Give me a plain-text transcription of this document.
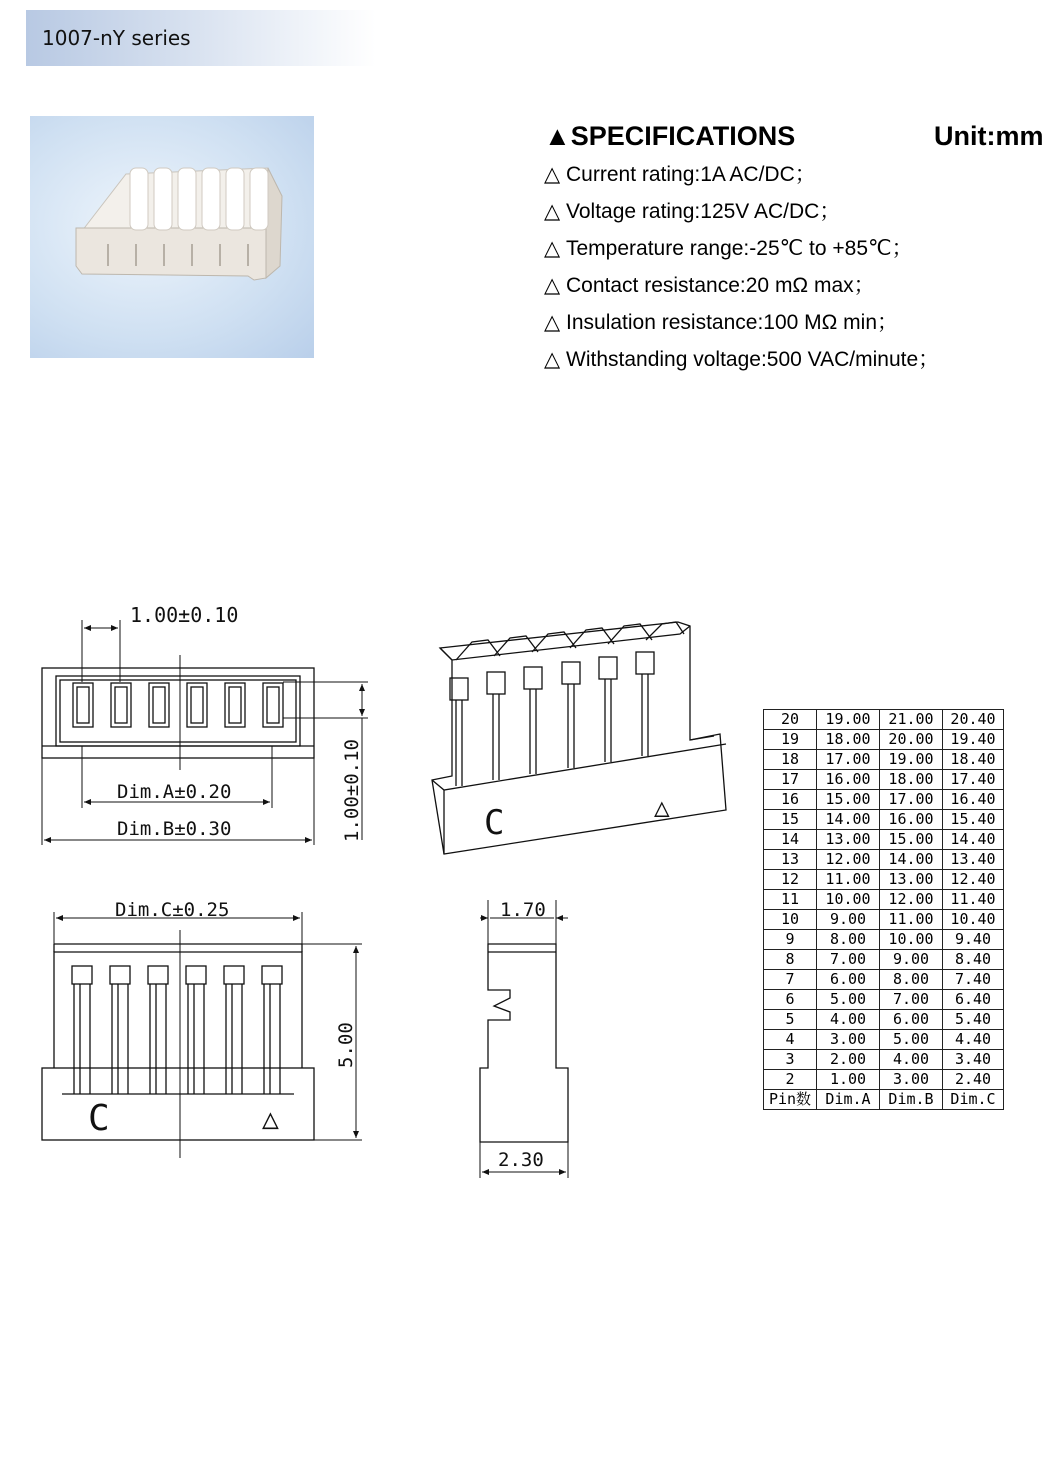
1007-nY series
▲SPECIFICATIONS	Unit:mm
△ Current rating:1A AC/DC；
△ Voltage rating:125V AC/DC；
△ Temperature range:-25℃ to +85℃；
△ Contact resistance:20 mΩ max；
△ Insulation resistance:100 MΩ min；
△ Withstanding voltage:500 VAC/minute；
1.00±0.10
Dim.A±0.20
Dim.B±0.30	1.00±0.10	C	△
Dim.C±0.25
5.00
C	△
1.70
2.30
20	19.00	21.00	20.40
19	18.00	20.00	19.40
18	17.00	19.00	18.40
17	16.00	18.00	17.40
16	15.00	17.00	16.40
15	14.00	16.00	15.40
14	13.00	15.00	14.40
13	12.00	14.00	13.40
12	11.00	13.00	12.40
11	10.00	12.00	11.40
10	9.00	11.00	10.40
9	8.00	10.00	9.40
8	7.00	9.00	8.40
7	6.00	8.00	7.40
6	5.00	7.00	6.40
5	4.00	6.00	5.40
4	3.00	5.00	4.40
3	2.00	4.00	3.40
2	1.00	3.00	2.40
Pin数	Dim.A	Dim.B	Dim.C
